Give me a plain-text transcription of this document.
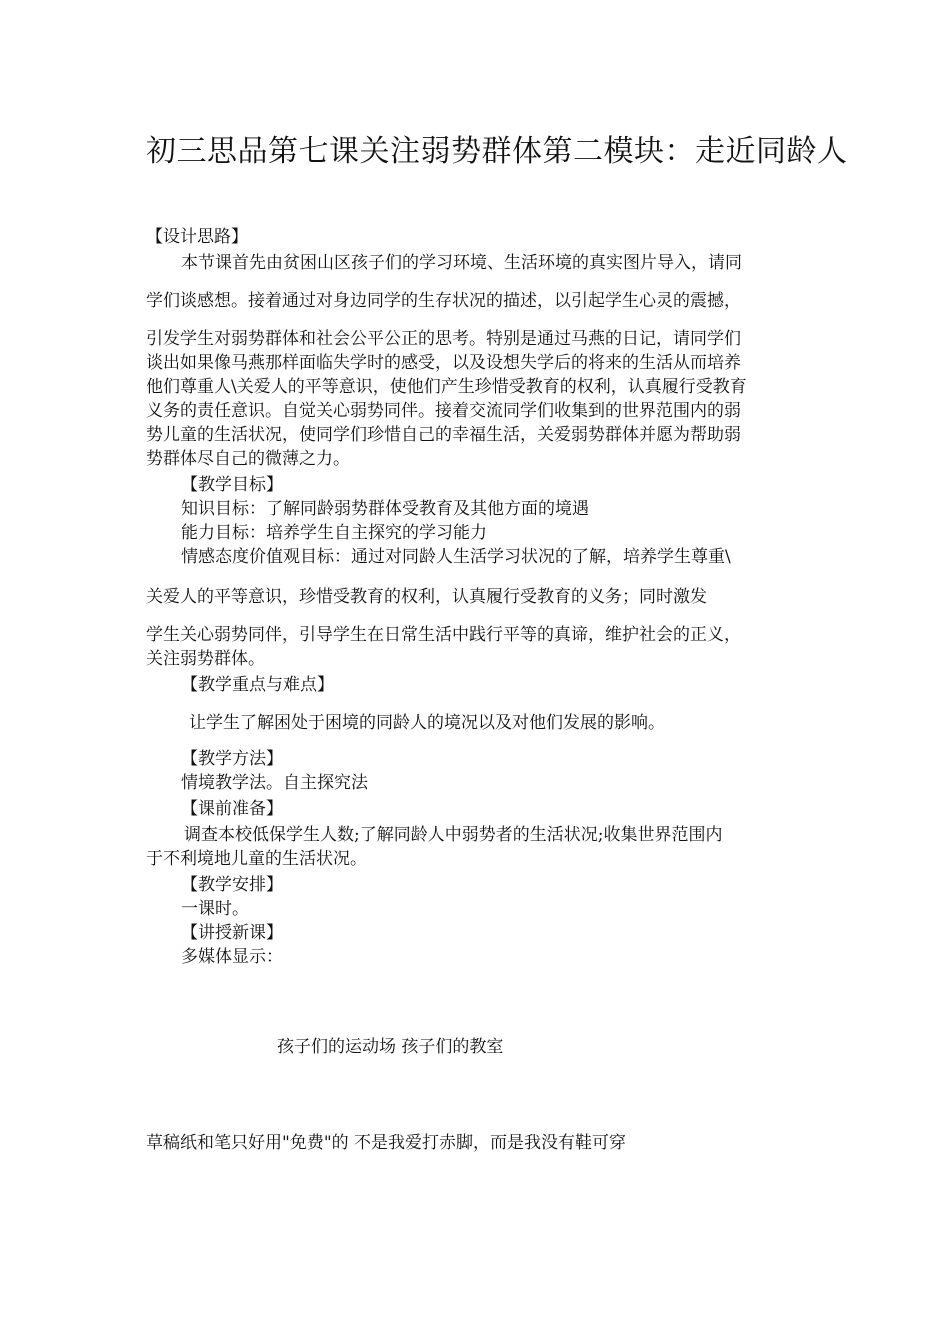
初三思品第七课关注弱势群体第二模块：走近同龄人
【设计思路】
本节课首先由贫困山区孩子们的学习环境、生活环境的真实图片导入，请同
学们谈感想。接着通过对身边同学的生存状况的描述，以引起学生心灵的震撼，
引发学生对弱势群体和社会公平公正的思考。特别是通过马燕的日记，请同学们
谈出如果像马燕那样面临失学时的感受，以及设想失学后的将来的生活从而培养
他们尊重人\关爱人的平等意识，使他们产生珍惜受教育的权利，认真履行受教育
义务的责任意识。自觉关心弱势同伴。接着交流同学们收集到的世界范围内的弱
势儿童的生活状况，使同学们珍惜自己的幸福生活，关爱弱势群体并愿为帮助弱
势群体尽自己的微薄之力。
【教学目标】
知识目标：了解同龄弱势群体受教育及其他方面的境遇
能力目标：培养学生自主探究的学习能力
情感态度价值观目标：通过对同龄人生活学习状况的了解，培养学生尊重\
关爱人的平等意识，珍惜受教育的权利，认真履行受教育的义务；同时激发
学生关心弱势同伴，引导学生在日常生活中践行平等的真谛，维护社会的正义，
关注弱势群体。
【教学重点与难点】
让学生了解困处于困境的同龄人的境况以及对他们发展的影响。
【教学方法】
情境教学法。自主探究法
【课前准备】
调查本校低保学生人数;了解同龄人中弱势者的生活状况;收集世界范围内
于不利境地儿童的生活状况。
【教学安排】
一课时。
【讲授新课】
多媒体显示：
孩子们的运动场 孩子们的教室
草稿纸和笔只好用"免费"的 不是我爱打赤脚，而是我没有鞋可穿
